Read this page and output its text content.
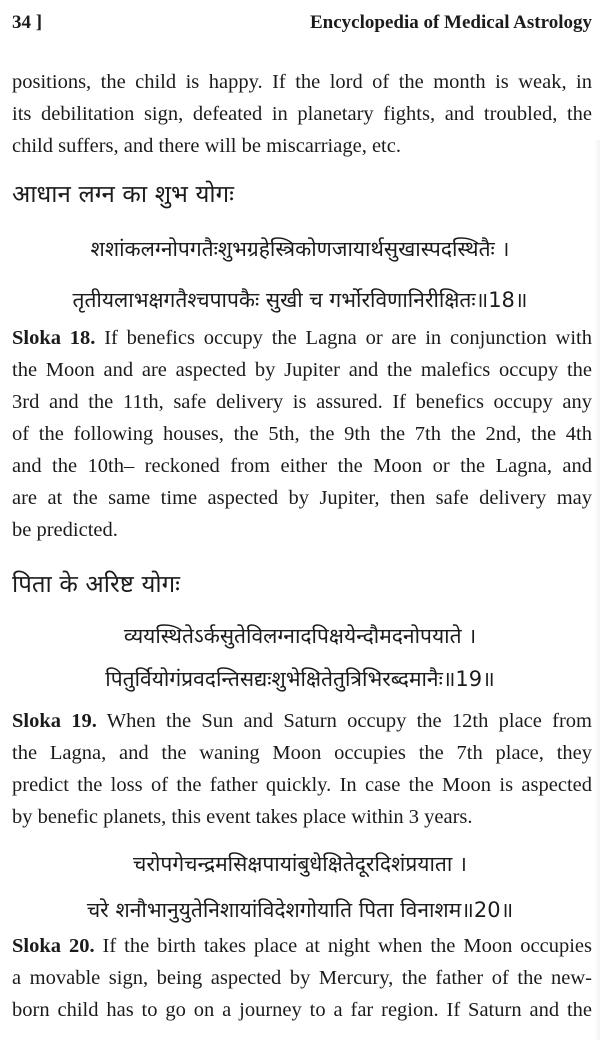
34 ]	Encyclopedia of Medical Astrology

positions, the child is happy. If the lord of the month is weak, in
its debilitation sign, defeated in planetary fights, and troubled, the
child suffers, and there will be miscarriage, etc.

आधान लग्न का शुभ योगः

शशांकलग्नोपगतैःशुभग्रहेस्त्रिकोणजायार्थसुखास्पदस्थितैः ।

तृतीयलाभक्षगतैश्चपापकैः सुखी च गर्भोरविणानिरीक्षितः॥18॥

Sloka 18. If benefics occupy the Lagna or are in conjunction with
the Moon and are aspected by Jupiter and the malefics occupy the
3rd and the 11th, safe delivery is assured. If benefics occupy any
of the following houses, the 5th, the 9th the 7th the 2nd, the 4th
and the 10th– reckoned from either the Moon or the Lagna, and
are at the same time aspected by Jupiter, then safe delivery may
be predicted.

पिता के अरिष्ट योगः

व्ययस्थितेऽर्कसुतेविलग्नादपिक्षयेन्दौमदनोपयाते ।

पितुर्वियोगंप्रवदन्तिसद्यःशुभेक्षितेतुत्रिभिरब्दमानैः॥19॥

Sloka 19. When the Sun and Saturn occupy the 12th place from
the Lagna, and the waning Moon occupies the 7th place, they
predict the loss of the father quickly. In case the Moon is aspected
by benefic planets, this event takes place within 3 years.

चरोपगेचन्द्रमसिक्षपायांबुधेक्षितेदूरदिशंप्रयाता ।

चरे शनौभानुयुतेनिशायांविदेशगोयाति पिता विनाशम॥20॥

Sloka 20. If the birth takes place at night when the Moon occupies
a movable sign, being aspected by Mercury, the father of the new-
born child has to go on a journey to a far region. If Saturn and the
